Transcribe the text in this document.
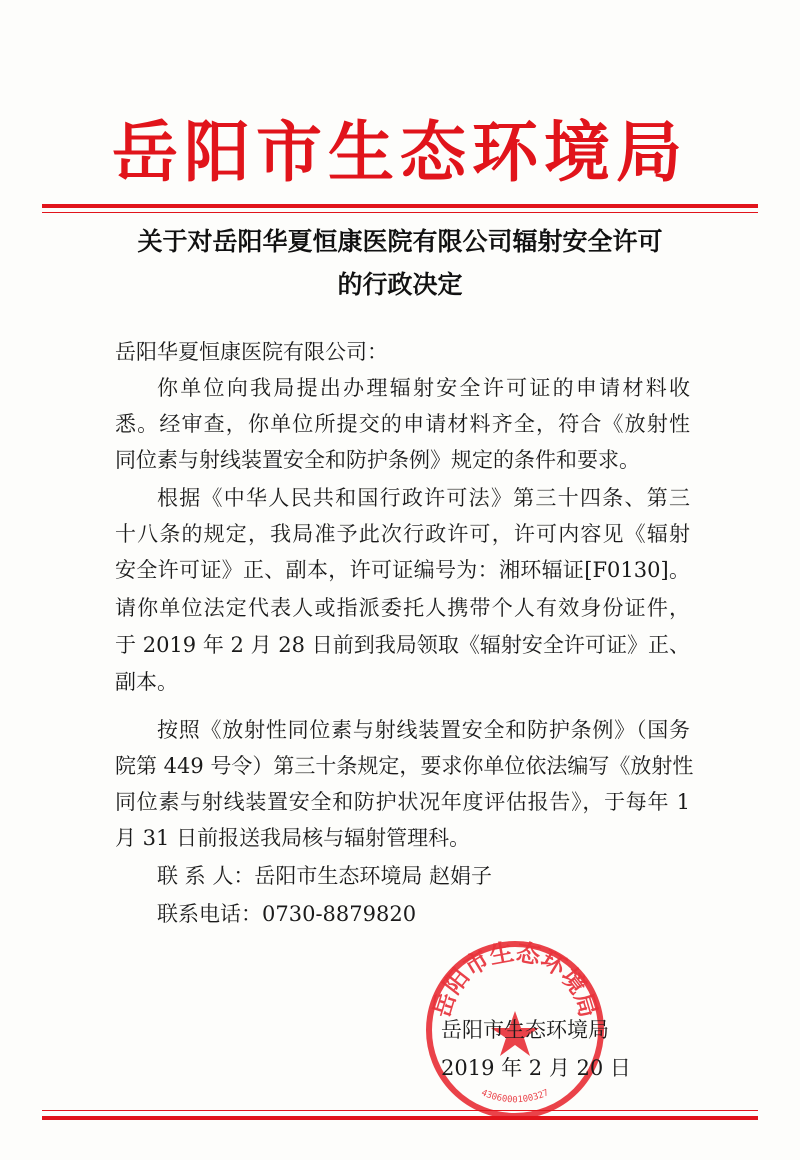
岳阳市生态环境局
关于对岳阳华夏恒康医院有限公司辐射安全许可
的行政决定
岳阳华夏恒康医院有限公司：
你单位向我局提出办理辐射安全许可证的申请材料收
悉。经审查，你单位所提交的申请材料齐全，符合《放射性
同位素与射线装置安全和防护条例》规定的条件和要求。
根据《中华人民共和国行政许可法》第三十四条、第三
十八条的规定，我局准予此次行政许可，许可内容见《辐射
安全许可证》正、副本，许可证编号为：湘环辐证[F0130]。
请你单位法定代表人或指派委托人携带个人有效身份证件，
于 2019 年 2 月 28 日前到我局领取《辐射安全许可证》正、
副本。
按照《放射性同位素与射线装置安全和防护条例》（国务
院第 449 号令）第三十条规定，要求你单位依法编写《放射性
同位素与射线装置安全和防护状况年度评估报告》，于每年 1
月 31 日前报送我局核与辐射管理科。
联 系 人：岳阳市生态环境局 赵娟子
联系电话：0730-8879820
岳阳市生态环境局
4306000100327
岳阳市生态环境局
2019 年 2 月 20 日
